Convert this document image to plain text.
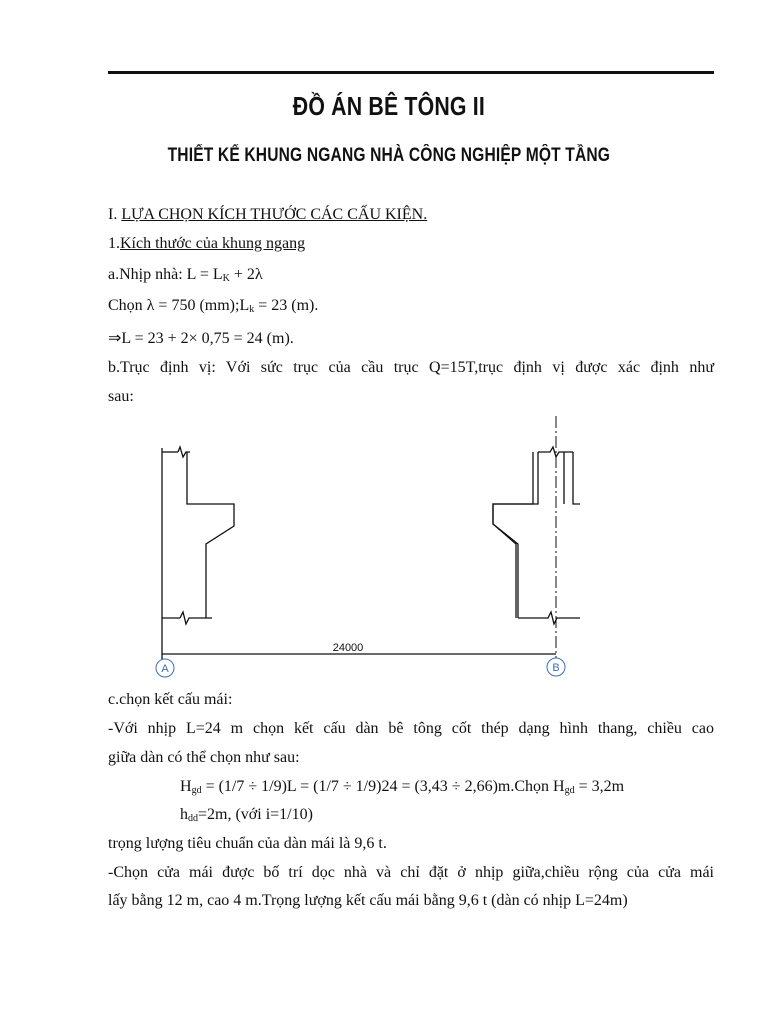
ĐỒ ÁN BÊ TÔNG II
THIẾT KẾ KHUNG NGANG NHÀ CÔNG NGHIỆP MỘT TẦNG
I. LỰA CHỌN KÍCH THƯỚC CÁC CẤU KIỆN.
1.Kích thước của khung ngang
a.Nhịp nhà: $L = L_K + 2\lambda$
Chọn λ = 750 $(mm);L_k = 23$ (m).
⇒L = 23 + 2× 0,75 = 24 (m).
b.Trục định vị: Với sức trục của cầu trục Q=15T,trục định vị được xác định như
sau:
24000
A	B
c.chọn kết cấu mái:
-Với nhịp L=24 m chọn kết cấu dàn bê tông cốt thép dạng hình thang, chiều cao
giữa dàn có thể chọn như sau:
$H_{gd} = (1/7 \div 1/9)L = (1/7 \div 1/9)24 = (3,43$ ÷ 2,66)m.Chọn $H_{gd} = 3,2m$
$h_{dd}=2m$, (với i=1/10)
trọng lượng tiêu chuẩn của dàn mái là 9,6 t.
-Chọn cửa mái được bố trí dọc nhà và chỉ đặt ở nhịp giữa,chiều rộng của cửa mái
lấy bằng 12 m, cao 4 m.Trọng lượng kết cấu mái bằng 9,6 t (dàn có nhịp L=24m)
